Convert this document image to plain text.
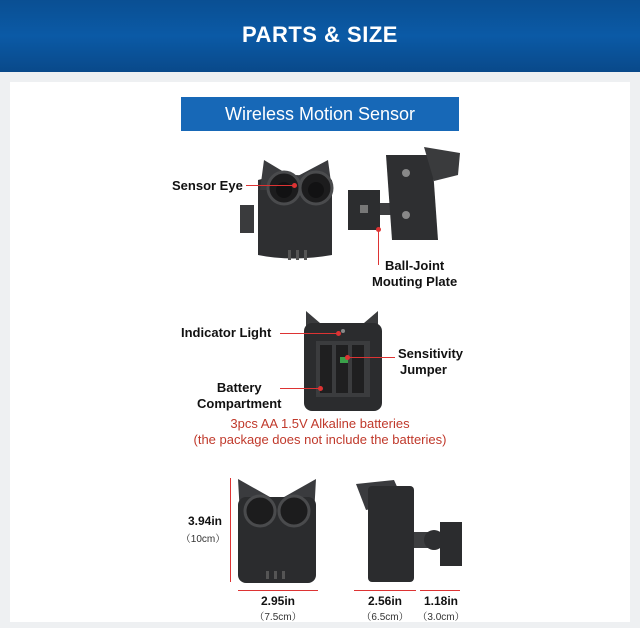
PARTS & SIZE
Wireless Motion Sensor
Sensor Eye
Ball-Joint
Mouting Plate
Indicator Light
Sensitivity
Jumper
Battery
Compartment
3pcs AA 1.5V Alkaline batteries
(the package does not include the batteries)
3.94in
（10cm）
2.95in
（7.5cm）
2.56in
（6.5cm）
1.18in
（3.0cm）
